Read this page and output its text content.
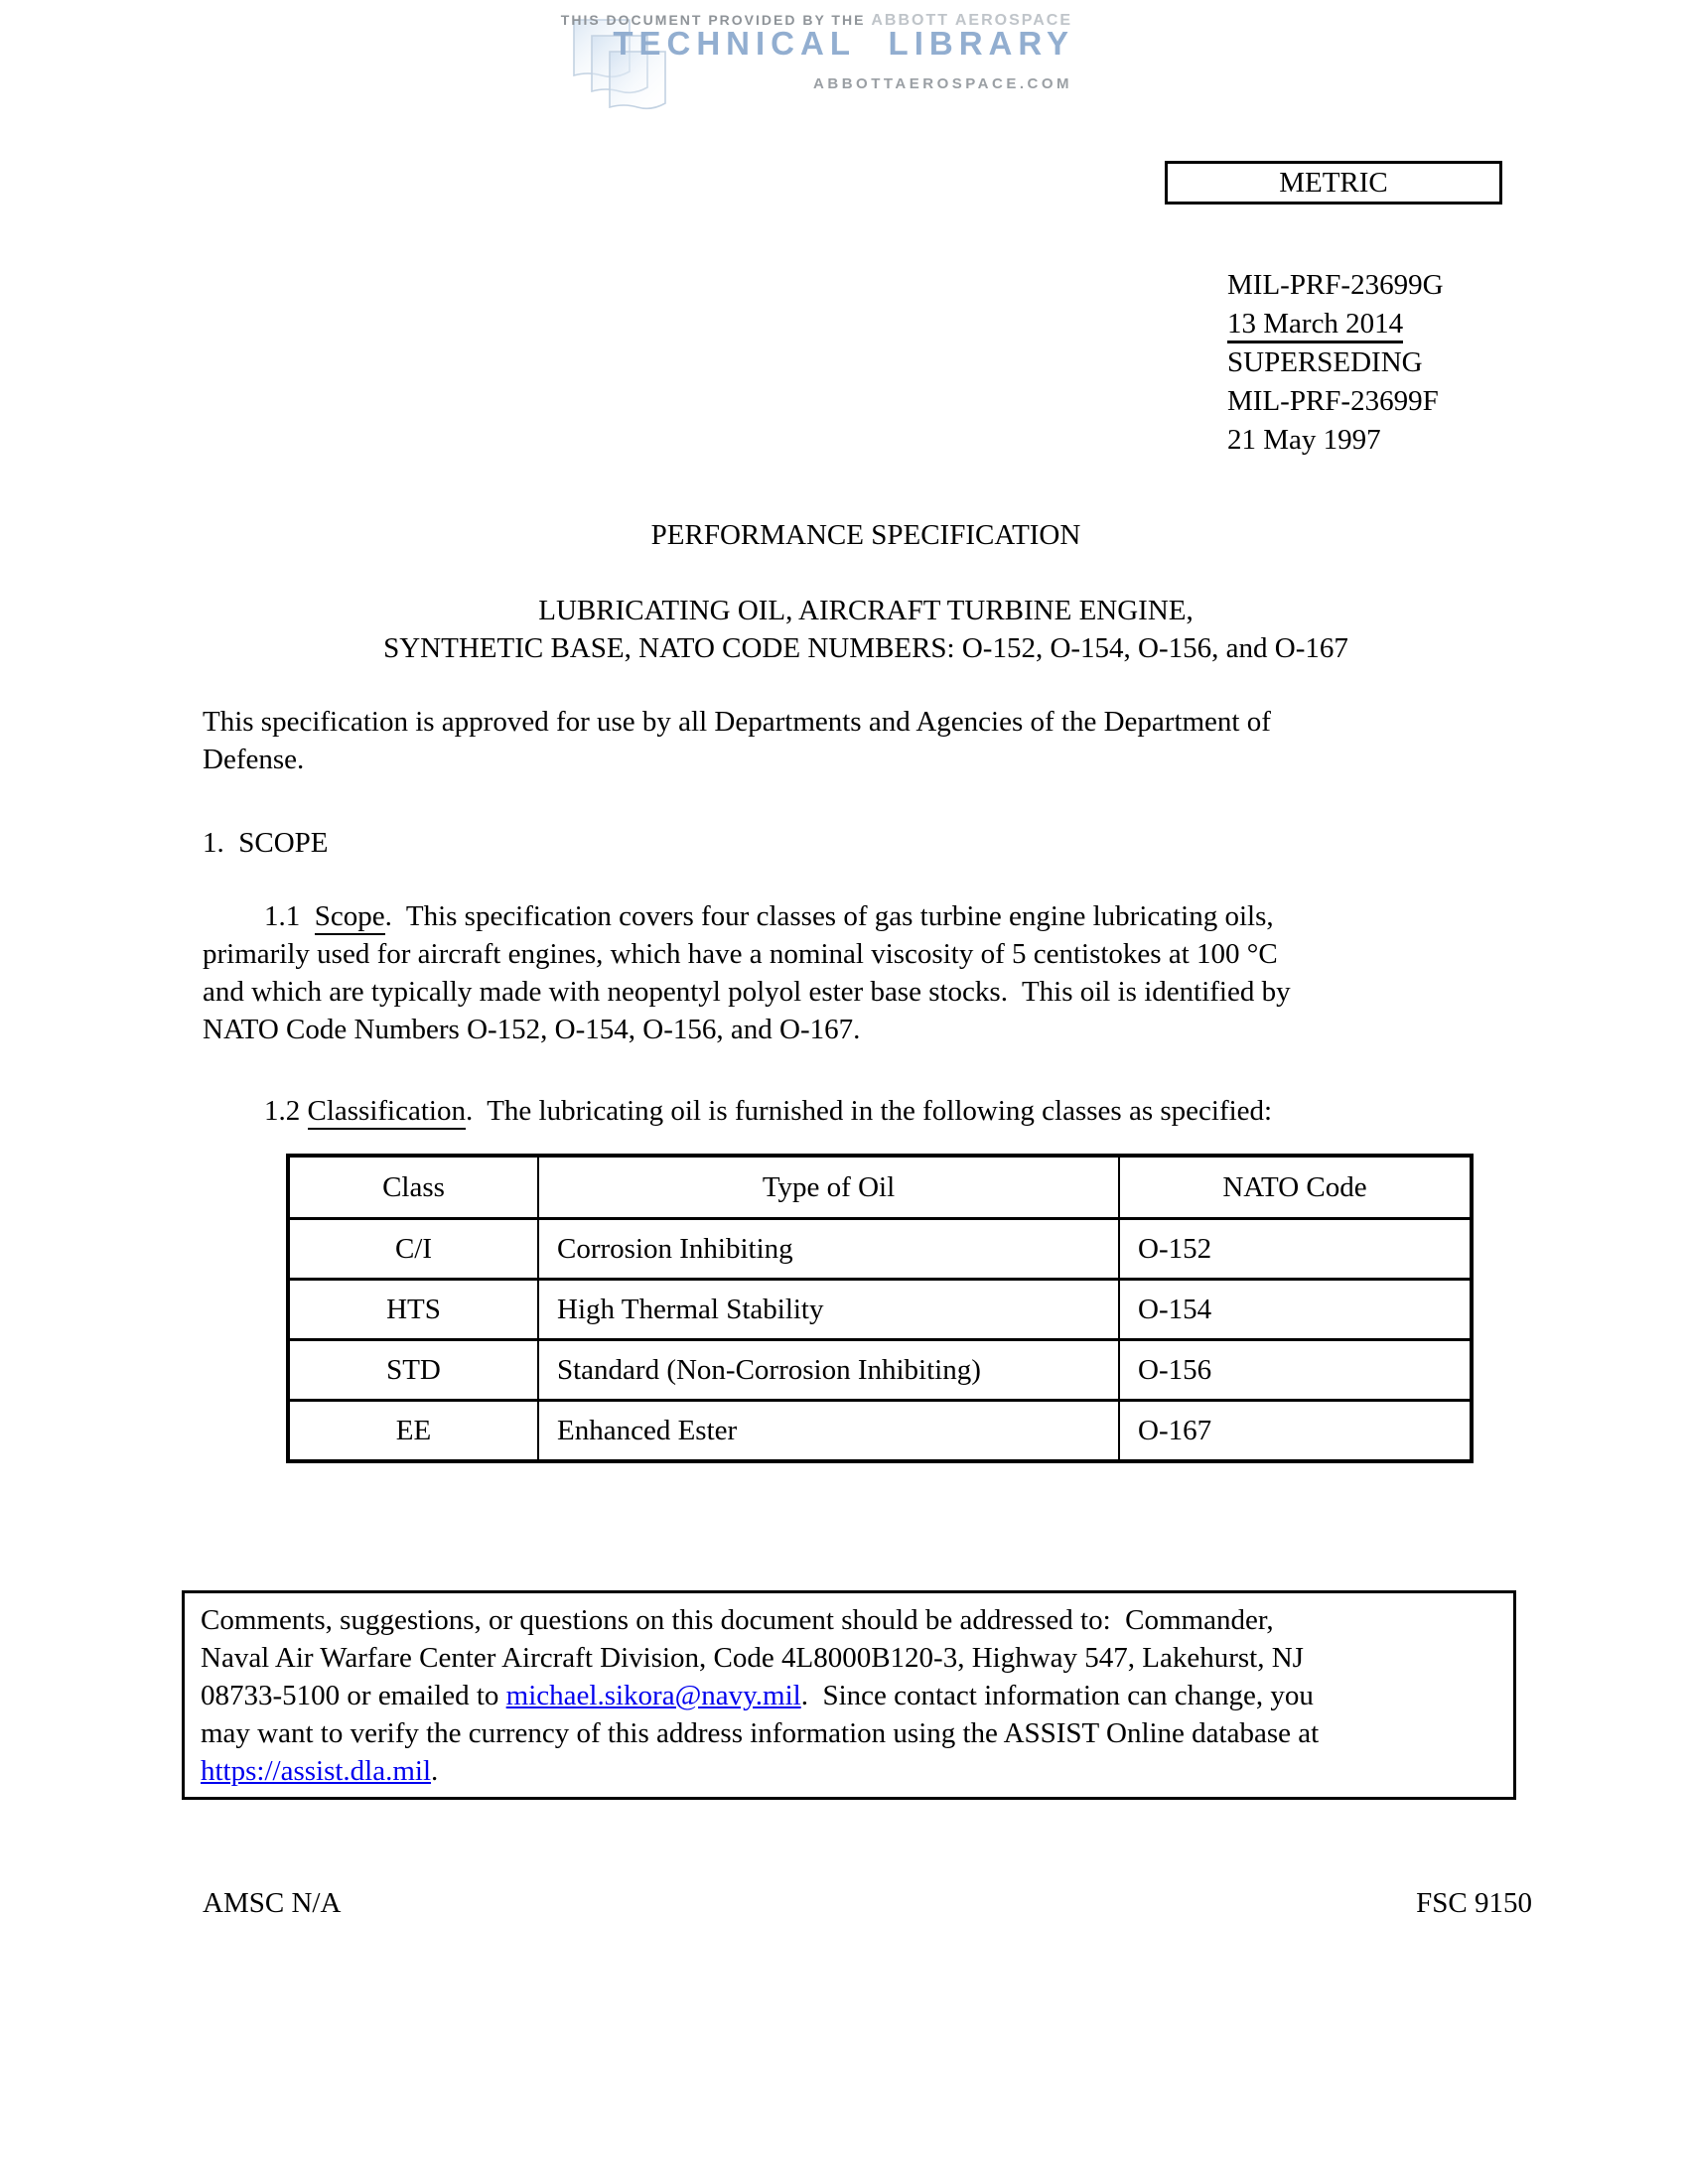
THIS DOCUMENT PROVIDED BY THE ABBOTT AEROSPACE
TECHNICAL LIBRARY
ABBOTTAEROSPACE.COM
METRIC
MIL-PRF-23699G
13 March 2014
SUPERSEDING
MIL-PRF-23699F
21 May 1997
PERFORMANCE SPECIFICATION
LUBRICATING OIL, AIRCRAFT TURBINE ENGINE,
SYNTHETIC BASE, NATO CODE NUMBERS: O-152, O-154, O-156, and O-167
This specification is approved for use by all Departments and Agencies of the Department of
Defense.
1.  SCOPE
1.1  Scope.  This specification covers four classes of gas turbine engine lubricating oils,
primarily used for aircraft engines, which have a nominal viscosity of 5 centistokes at 100 °C
and which are typically made with neopentyl polyol ester base stocks.  This oil is identified by
NATO Code Numbers O-152, O-154, O-156, and O-167.
1.2 Classification.  The lubricating oil is furnished in the following classes as specified:
Class	Type of Oil	NATO Code
C/I	Corrosion Inhibiting	O-152
HTS	High Thermal Stability	O-154
STD	Standard (Non-Corrosion Inhibiting)	O-156
EE	Enhanced Ester	O-167
Comments, suggestions, or questions on this document should be addressed to:  Commander,
Naval Air Warfare Center Aircraft Division, Code 4L8000B120-3, Highway 547, Lakehurst, NJ
08733-5100 or emailed to michael.sikora@navy.mil.  Since contact information can change, you
may want to verify the currency of this address information using the ASSIST Online database at
https://assist.dla.mil.
AMSC N/A	FSC 9150
